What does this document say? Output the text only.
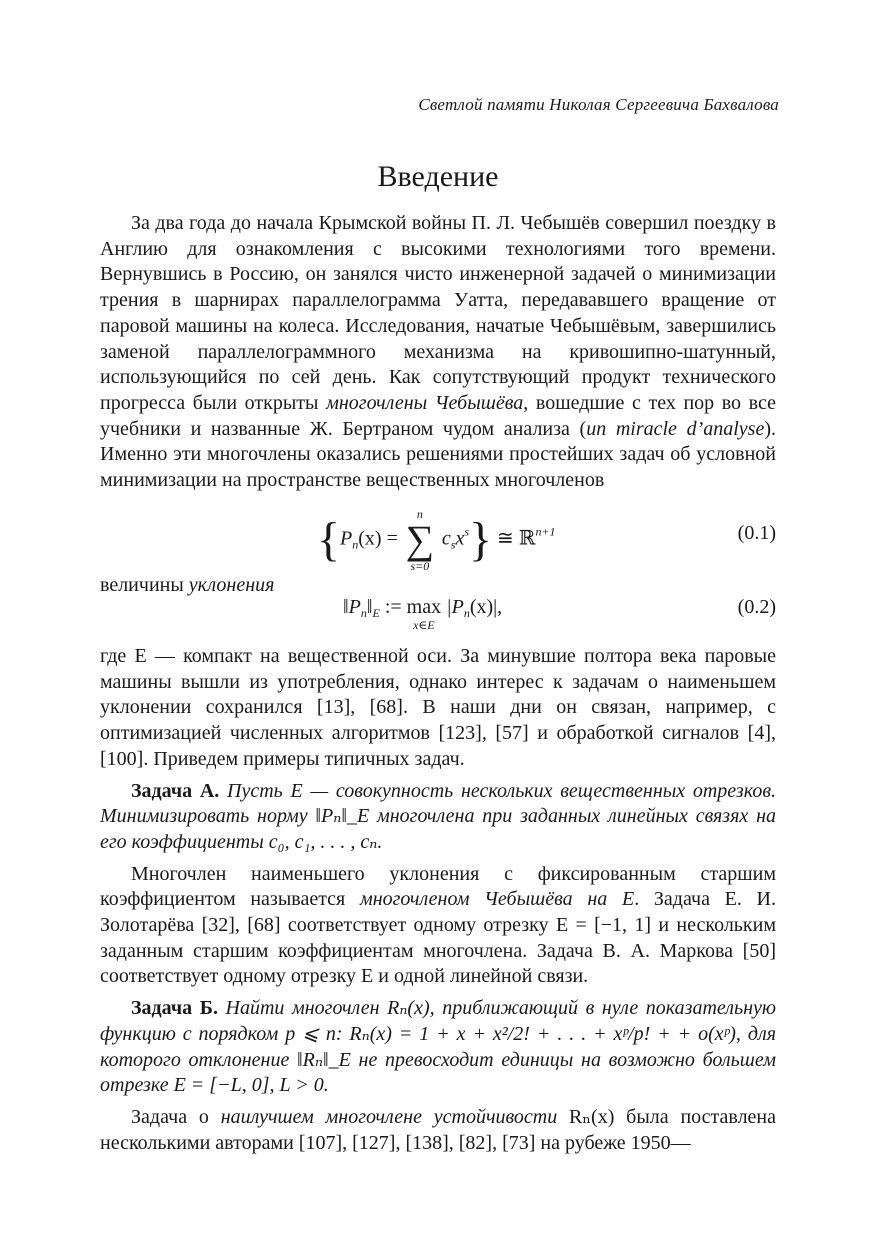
Светлой памяти Николая Сергеевича Бахвалова
Введение

За два года до начала Крымской войны П. Л. Чебышёв совершил поездку в Англию для ознакомления с высокими технологиями того времени. Вернувшись в Россию, он занялся чисто инженерной задачей о минимизации трения в шарнирах параллелограмма Уатта, передававшего вращение от паровой машины на колеса. Исследования, начатые Чебышёвым, завершились заменой параллелограммного механизма на кривошипно-шатунный, использующийся по сей день. Как сопутствующий продукт технического прогресса были открыты многочлены Чебышёва, вошедшие с тех пор во все учебники и названные Ж. Бертраном чудом анализа (un miracle d’analyse). Именно эти многочлены оказались решениями простейших задач об условной минимизации на пространстве вещественных многочленов

{$P_n(x)$ =
n
∑
s=0
$c_sx^s$} ≅ ℝ$^{n+1}$	(0.1)

величины уклонения

$‖P_n‖_E$ := max
x∈E
$|P_n(x)|$,	(0.2)

где E — компакт на вещественной оси. За минувшие полтора века паровые машины вышли из употребления, однако интерес к задачам о наименьшем уклонении сохранился [13], [68]. В наши дни он связан, например, с оптимизацией численных алгоритмов [123], [57] и обработкой сигналов [4], [100]. Приведем примеры типичных задач.

Задача А. Пусть E — совокупность нескольких вещественных отрезков. Минимизировать норму ‖Pₙ‖_E многочлена при заданных линейных связях на его коэффициенты c₀, c₁, . . . , cₙ.

Многочлен наименьшего уклонения с фиксированным старшим коэффициентом называется многочленом Чебышёва на E. Задача Е. И. Золотарёва [32], [68] соответствует одному отрезку E = [−1, 1] и нескольким заданным старшим коэффициентам многочлена. Задача В. А. Маркова [50] соответствует одному отрезку E и одной линейной связи.

Задача Б. Найти многочлен Rₙ(x), приближающий в нуле показательную функцию с порядком p ⩽ n: Rₙ(x) = 1 + x + x²/2! + . . . + xᵖ/p! + + o(xᵖ), для которого отклонение ‖Rₙ‖_E не превосходит единицы на возможно большем отрезке E = [−L, 0], L > 0.

Задача о наилучшем многочлене устойчивости Rₙ(x) была поставлена несколькими авторами [107], [127], [138], [82], [73] на рубеже 1950—
